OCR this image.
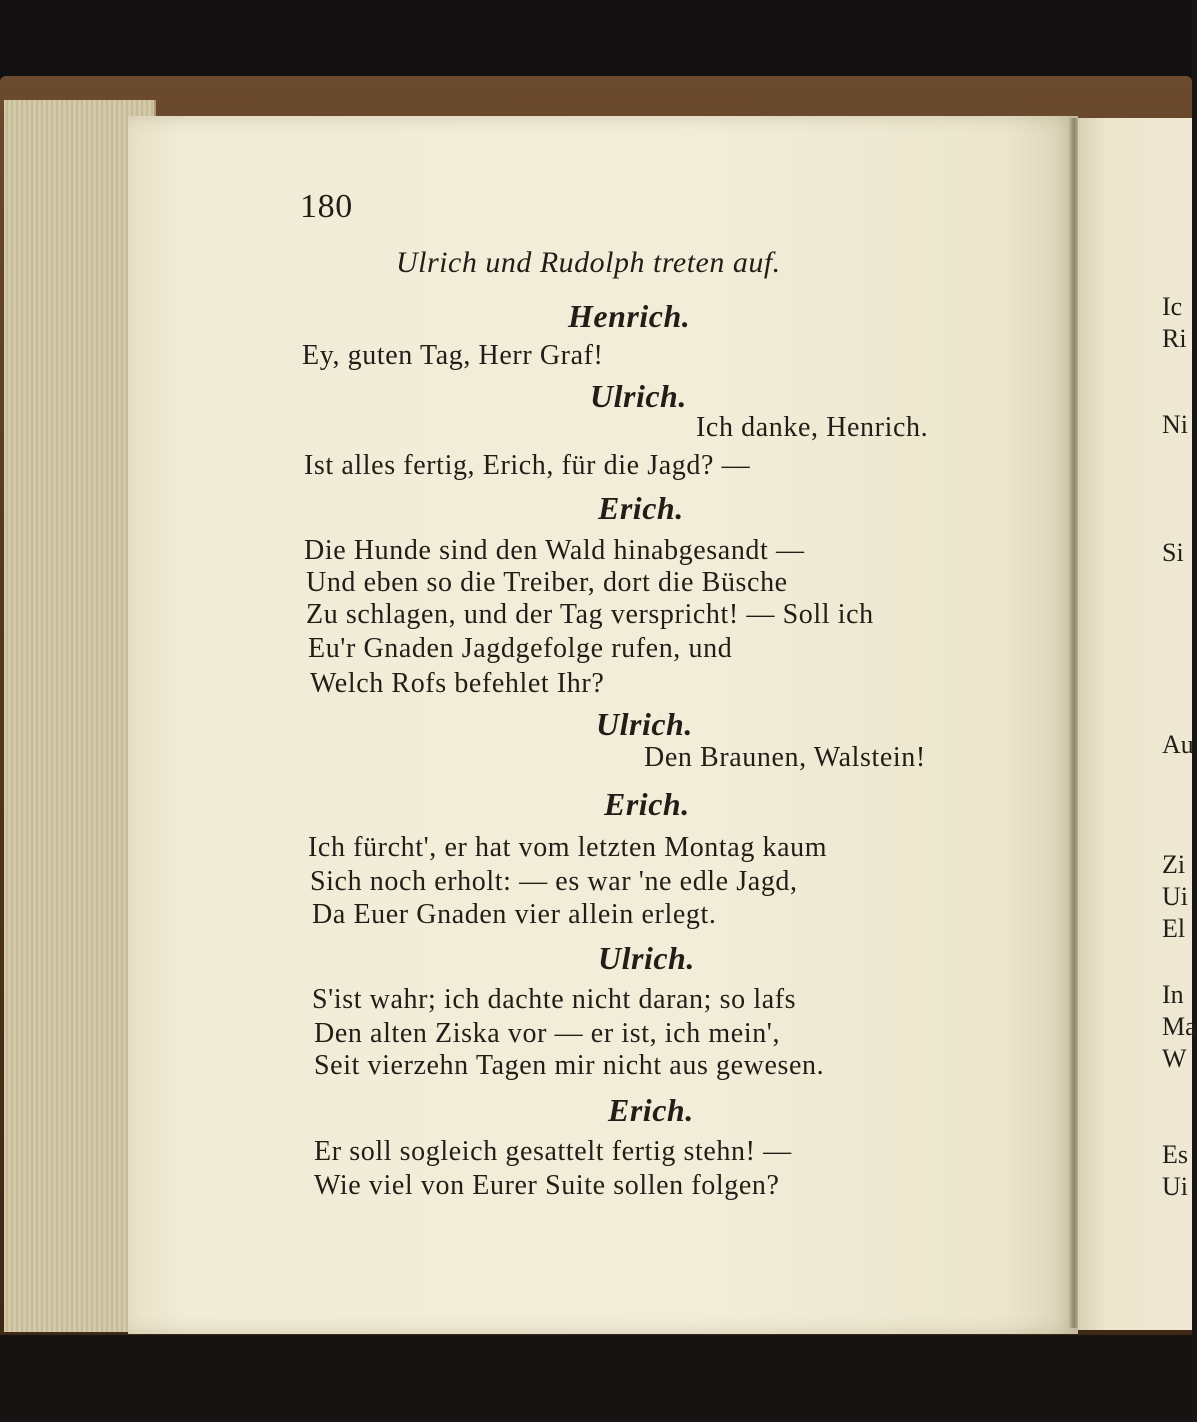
Ic
Ri
Ni
Si
Au
Zi
Ui
El
In
Ma
W
Es
Ui
180
Ulrich und Rudolph treten auf.
Henrich.
Ey, guten Tag, Herr Graf!
Ulrich.
Ich danke, Henrich.
Ist alles fertig, Erich, für die Jagd? —
Erich.
Die Hunde sind den Wald hinabgesandt —
Und eben so die Treiber, dort die Büsche
Zu schlagen, und der Tag verspricht! — Soll ich
Eu'r Gnaden Jagdgefolge rufen, und
Welch Rofs befehlet Ihr?
Ulrich.
Den Braunen, Walstein!
Erich.
Ich fürcht', er hat vom letzten Montag kaum
Sich noch erholt: — es war 'ne edle Jagd,
Da Euer Gnaden vier allein erlegt.
Ulrich.
S'ist wahr; ich dachte nicht daran; so lafs
Den alten Ziska vor — er ist, ich mein',
Seit vierzehn Tagen mir nicht aus gewesen.
Erich.
Er soll sogleich gesattelt fertig stehn! —
Wie viel von Eurer Suite sollen folgen?
